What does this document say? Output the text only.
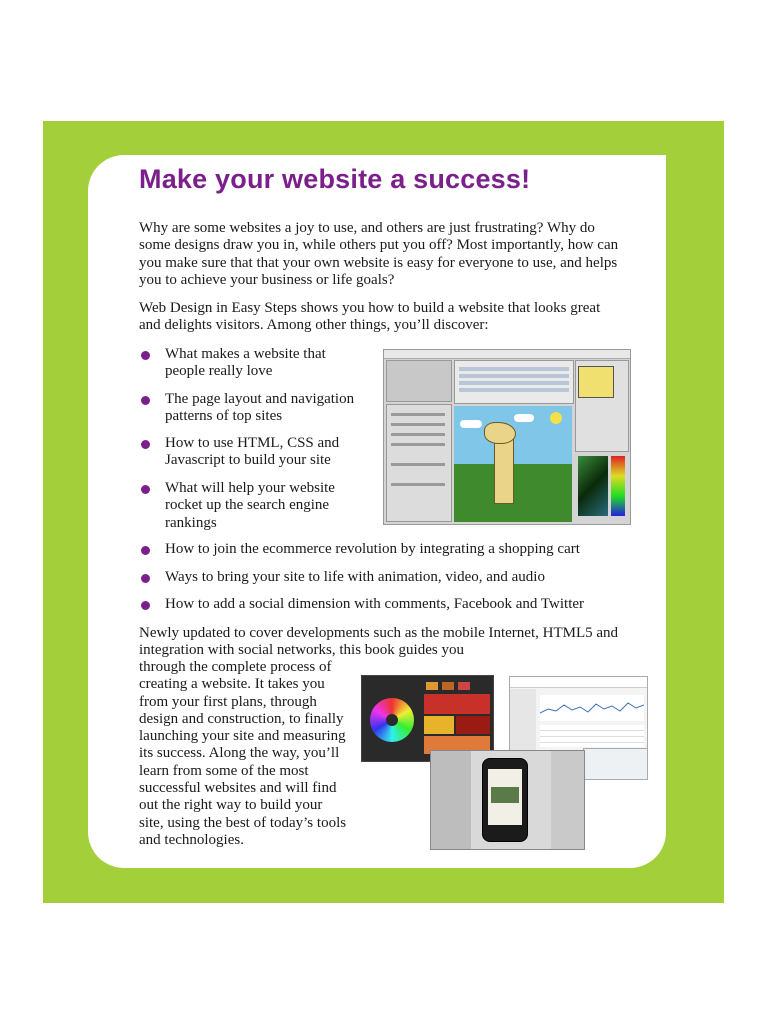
Make your website a success!

Why are some websites a joy to use, and others are just frustrating? Why do some designs draw you in, while others put you off? Most importantly, how can you make sure that that your own website is easy for everyone to use, and helps you to achieve your business or life goals?

Web Design in Easy Steps shows you how to build a website that looks great and delights visitors. Among other things, you’ll discover:

What makes a website that people really love
The page layout and navigation patterns of top sites
How to use HTML, CSS and Javascript to build your site
What will help your website rocket up the search engine rankings
How to join the ecommerce revolution by integrating a shopping cart
Ways to bring your site to life with animation, video, and audio
How to add a social dimension with comments, Facebook and Twitter

Newly updated to cover developments such as the mobile Internet, HTML5 and integration with social networks, this book guides you

through the complete process of creating a website. It takes you from your first plans, through design and construction, to finally launching your site and measuring its success. Along the way, you’ll learn from some of the most successful websites and will find out the right way to build your site, using the best of today’s tools and technologies.
